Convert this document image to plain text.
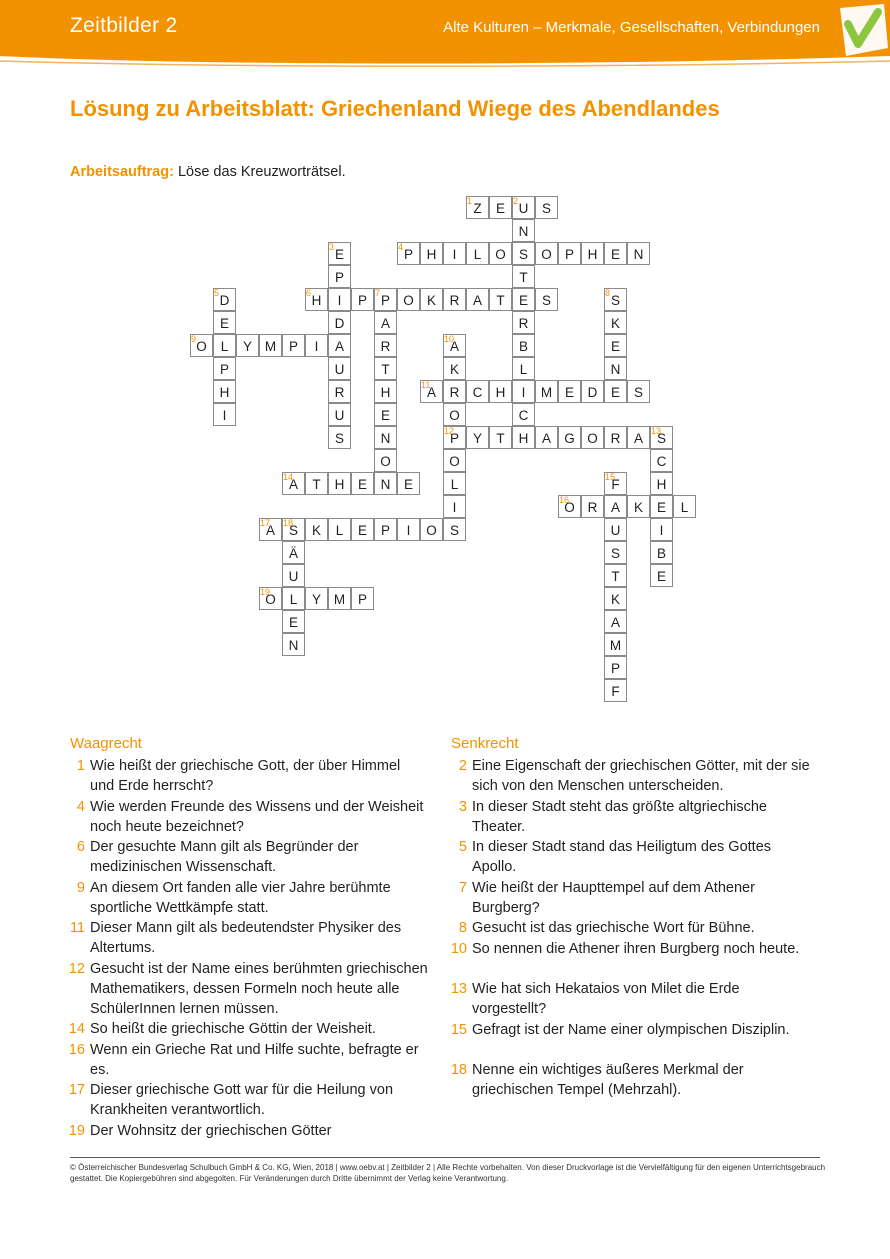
Zeitbilder 2	Alte Kulturen – Merkmale, Gesellschaften, Verbindungen
Lösung zu Arbeitsblatt: Griechenland Wiege des Abendlandes
Arbeitsauftrag: Löse das Kreuzworträtsel.
Z	E	U	S
N
S
T
E
R
B
L
I
C
H
E
P
I
D
A
U
R
U
S
P	H	I	L	O	O P	H	E	N
D
E
L
P
H
I
H	P	P O K	R	A	T	S
A
R
T
H
E
N
O
N
S
K
E
N
E
O	Y M P	I	A
K
R
O
P
O
L
I
S
A	C H	M E	D	S
Y	T	A G O R	A	S
C
H
E
I
B
E
A	T	H	E	E	F
A
U
S
T
K
A
M
P
F
O R	K	L
A	S	K	L	E	P	I	O
Ä
U
L
E
N
O	Y M P
1	2
3	4
5	6	7	8
9	10
11
12	13
14	15
16
17 18
19
Waagrecht	Senkrecht
1 Wie heißt der griechische Gott, der über Himmel und Erde herrscht?
4 Wie werden Freunde des Wissens und der Weisheit noch heute bezeichnet?
6 Der gesuchte Mann gilt als Begründer der medizinischen Wissenschaft.
9 An diesem Ort fanden alle vier Jahre berühmte sportliche Wettkämpfe statt.
11 Dieser Mann gilt als bedeutendster Physiker des Altertums.
12 Gesucht ist der Name eines berühmten griechischen Mathematikers, dessen Formeln noch heute alle SchülerInnen lernen müssen.
14 So heißt die griechische Göttin der Weisheit.
16 Wenn ein Grieche Rat und Hilfe suchte, befragte er es.
17 Dieser griechische Gott war für die Heilung von Krankheiten verantwortlich.
19 Der Wohnsitz der griechischen Götter
2 Eine Eigenschaft der griechischen Götter, mit der sie sich von den Menschen unterscheiden.
3 In dieser Stadt steht das größte altgriechische Theater.
5 In dieser Stadt stand das Heiligtum des Gottes Apollo.
7 Wie heißt der Haupttempel auf dem Athener Burgberg?
8 Gesucht ist das griechische Wort für Bühne.
10 So nennen die Athener ihren Burgberg noch heute.
13 Wie hat sich Hekataios von Milet die Erde vorgestellt?
15 Gefragt ist der Name einer olympischen Disziplin.
18 Nenne ein wichtiges äußeres Merkmal der griechischen Tempel (Mehrzahl).
© Österreichischer Bundesverlag Schulbuch GmbH & Co. KG, Wien, 2018 | www.oebv.at | Zeitbilder 2 | Alle Rechte vorbehalten. Von dieser Druckvorlage ist die Vervielfältigung für den eigenen Unterrichtsgebrauch gestattet. Die Kopiergebühren sind abgegolten. Für Veränderungen durch Dritte übernimmt der Verlag keine Verantwortung.
